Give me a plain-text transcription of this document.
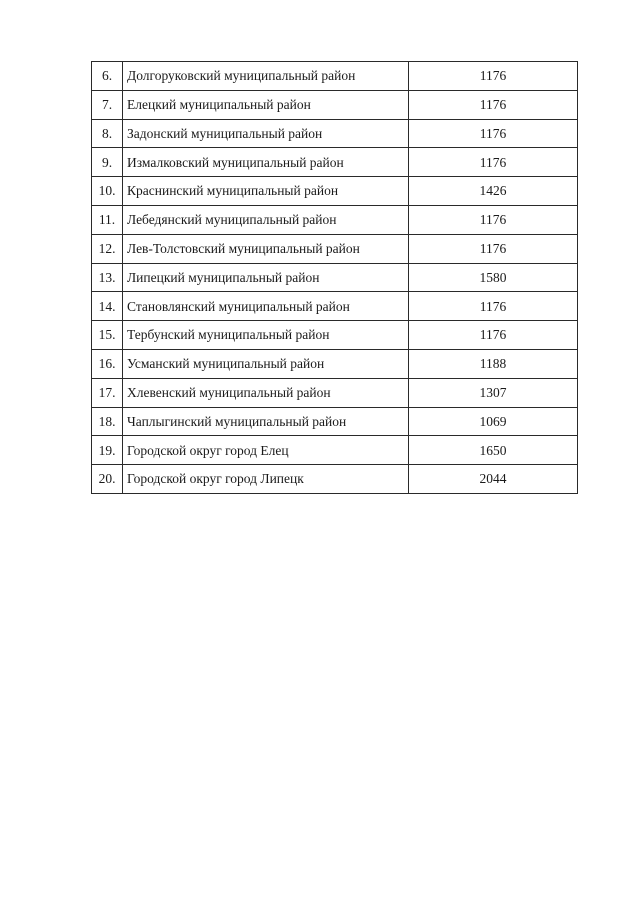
6.	Долгоруковский муниципальный район	1176
7.	Елецкий муниципальный район	1176
8.	Задонский муниципальный район	1176
9.	Измалковский муниципальный район	1176
10.	Краснинский муниципальный район	1426
11.	Лебедянский муниципальный район	1176
12.	Лев-Толстовский муниципальный район	1176
13.	Липецкий муниципальный район	1580
14.	Становлянский муниципальный район	1176
15.	Тербунский муниципальный район	1176
16.	Усманский муниципальный район	1188
17.	Хлевенский муниципальный район	1307
18.	Чаплыгинский муниципальный район	1069
19.	Городской округ город Елец	1650
20.	Городской округ город Липецк	2044
